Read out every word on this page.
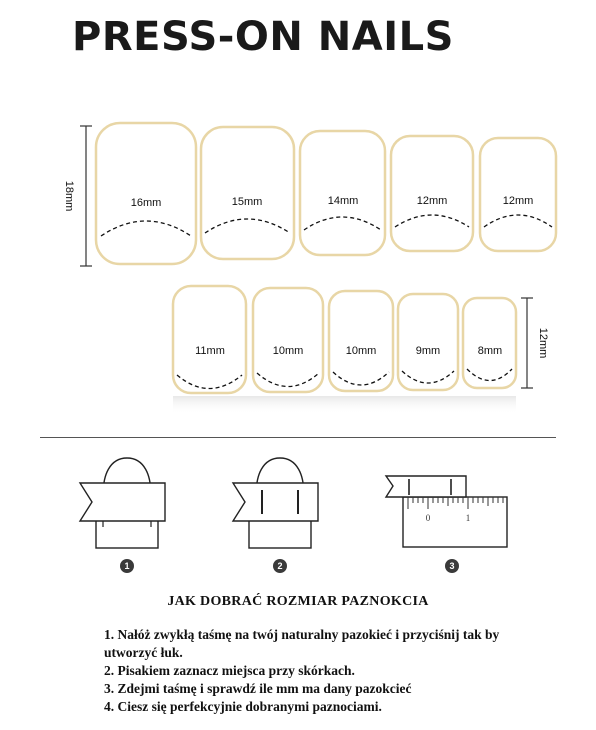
PRESS-ON NAILS
18mm	16mm	15mm	14mm	12mm	12mm
11mm	10mm	10mm	9mm	8mm	12mm
0	1
1	2	3
JAK DOBRAĆ ROZMIAR PAZNOKCIA
1. Nałóż zwykłą taśmę na twój naturalny pazokieć i przyciśnij tak by utworzyć łuk.
2. Pisakiem zaznacz miejsca przy skórkach.
3. Zdejmi taśmę i sprawdź ile mm ma dany pazokcieć
4. Ciesz się perfekcyjnie dobranymi paznociami.
